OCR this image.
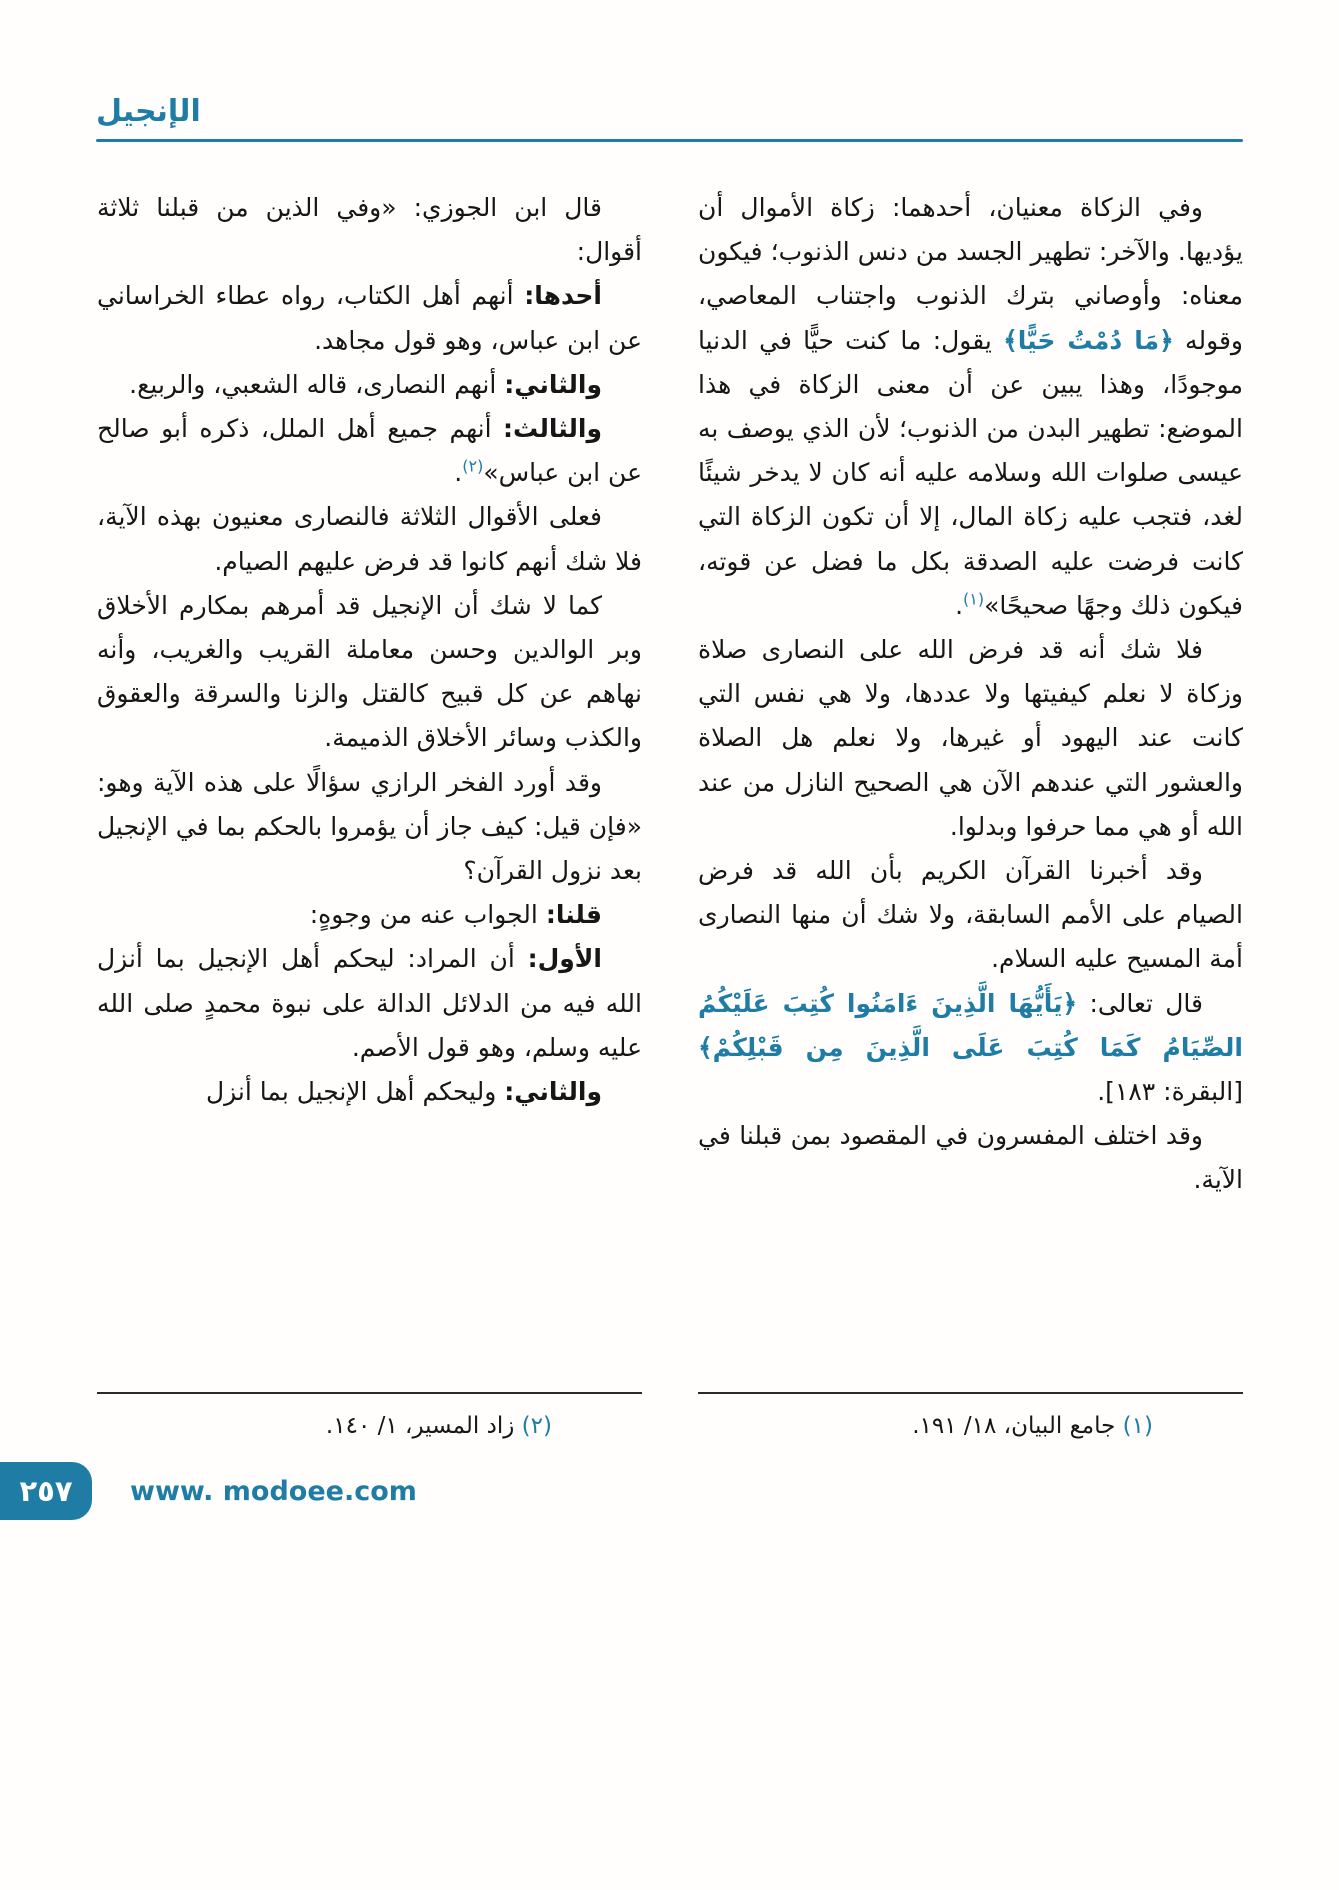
الإنجيل

وفي الزكاة معنيان، أحدهما: زكاة الأموال أن يؤديها. والآخر: تطهير الجسد من دنس الذنوب؛ فيكون معناه: وأوصاني بترك الذنوب واجتناب المعاصي، وقوله ﴿مَا دُمْتُ حَيًّا﴾ يقول: ما كنت حيًّا في الدنيا موجودًا، وهذا يبين عن أن معنى الزكاة في هذا الموضع: تطهير البدن من الذنوب؛ لأن الذي يوصف به عيسى صلوات الله وسلامه عليه أنه كان لا يدخر شيئًا لغد، فتجب عليه زكاة المال، إلا أن تكون الزكاة التي كانت فرضت عليه الصدقة بكل ما فضل عن قوته، فيكون ذلك وجهًا صحيحًا»$^{(١)}$.

فلا شك أنه قد فرض الله على النصارى صلاة وزكاة لا نعلم كيفيتها ولا عددها، ولا هي نفس التي كانت عند اليهود أو غيرها، ولا نعلم هل الصلاة والعشور التي عندهم الآن هي الصحيح النازل من عند الله أو هي مما حرفوا وبدلوا.

وقد أخبرنا القرآن الكريم بأن الله قد فرض الصيام على الأمم السابقة، ولا شك أن منها النصارى أمة المسيح عليه السلام.

قال تعالى: ﴿يَأَيُّهَا الَّذِينَ ءَامَنُوا كُتِبَ عَلَيْكُمُ الصِّيَامُ كَمَا كُتِبَ عَلَى الَّذِينَ مِن قَبْلِكُمْ﴾ [البقرة: ١٨٣].

وقد اختلف المفسرون في المقصود بمن قبلنا في الآية.

قال ابن الجوزي: «وفي الذين من قبلنا ثلاثة أقوال:

أحدها: أنهم أهل الكتاب، رواه عطاء الخراساني عن ابن عباس، وهو قول مجاهد.

والثاني: أنهم النصارى، قاله الشعبي، والربيع.

والثالث: أنهم جميع أهل الملل، ذكره أبو صالح عن ابن عباس»$^{(٢)}$.

فعلى الأقوال الثلاثة فالنصارى معنيون بهذه الآية، فلا شك أنهم كانوا قد فرض عليهم الصيام.

كما لا شك أن الإنجيل قد أمرهم بمكارم الأخلاق وبر الوالدين وحسن معاملة القريب والغريب، وأنه نهاهم عن كل قبيح كالقتل والزنا والسرقة والعقوق والكذب وسائر الأخلاق الذميمة.

وقد أورد الفخر الرازي سؤالًا على هذه الآية وهو: «فإن قيل: كيف جاز أن يؤمروا بالحكم بما في الإنجيل بعد نزول القرآن؟

قلنا: الجواب عنه من وجوهٍ:

الأول: أن المراد: ليحكم أهل الإنجيل بما أنزل الله فيه من الدلائل الدالة على نبوة محمدٍ صلى الله عليه وسلم، وهو قول الأصم.

والثاني: وليحكم أهل الإنجيل بما أنزل

(١) جامع البيان، ١٨/ ١٩١.
(٢) زاد المسير، ١/ ١٤٠.
٢٥٧ www. modoee.com
